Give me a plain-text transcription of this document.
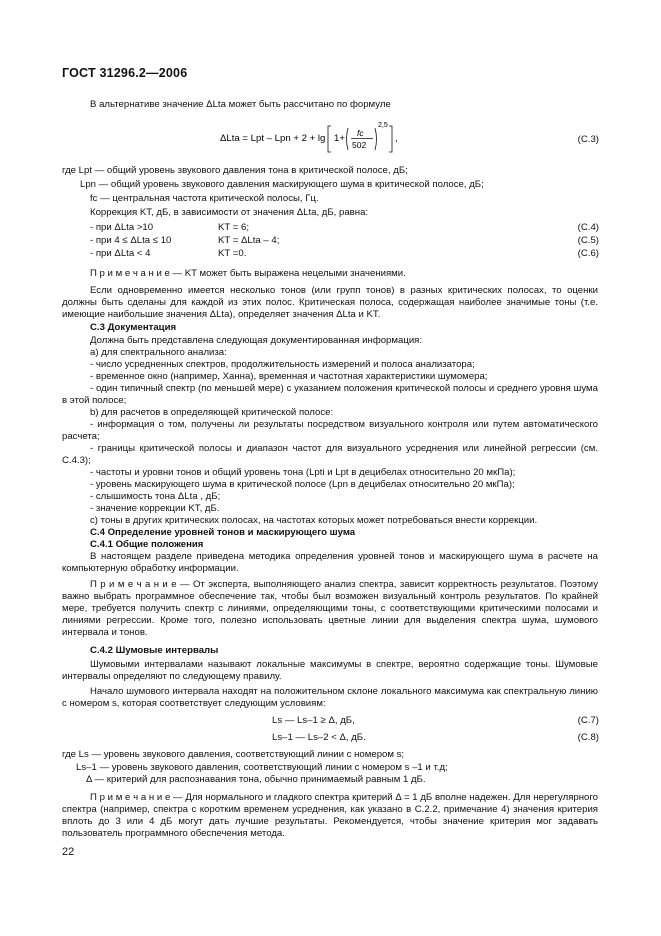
ГОСТ 31296.2—2006
В альтернативе значение ΔLta может быть рассчитано по формуле
ΔLta = Lpt – Lpn + 2 + lg 1+ fc
502
2,5
,	(C.3)
где Lpt — общий уровень звукового давления тона в критической полосе, дБ;
Lpn — общий уровень звукового давления маскирующего шума в критической полосе, дБ;
fc — центральная частота критической полосы, Гц.
Коррекция KT, дБ, в зависимости от значения ΔLta, дБ, равна:
- при ΔLta >10	KT = 6;	(C.4)
- при 4 ≤ ΔLta ≤ 10	KT = ΔLta – 4;	(C.5)
- при ΔLta < 4	KT =0.	(C.6)
П р и м е ч а н и е — KT может быть выражена нецелыми значениями.
Если одновременно имеется несколько тонов (или групп тонов) в разных критических полосах, то оценки должны быть сделаны для каждой из этих полос. Критическая полоса, содержащая наиболее значимые тоны (т.е. имеющие наибольшие значения ΔLta), определяет значения ΔLta и KT.
С.3 Документация
Должна быть представлена следующая документированная информация:
а) для спектрального анализа:
- число усредненных спектров, продолжительность измерений и полоса анализатора;
- временное окно (например, Ханна), временная и частотная характеристики шумомера;
- один типичный спектр (по меньшей мере) с указанием положения критической полосы и среднего уровня шума в этой полосе;
b) для расчетов в определяющей критической полосе:
- информация о том, получены ли результаты посредством визуального контроля или путем автоматического расчета;
- границы критической полосы и диапазон частот для визуального усреднения или линейной регрессии (см. С.4.3);
- частоты и уровни тонов и общий уровень тона (Lpti и Lpt в децибелах относительно 20 мкПа);
- уровень маскирующего шума в критической полосе (Lpn в децибелах относительно 20 мкПа);
- слышимость тона ΔLta , дБ;
- значение коррекции KT, дБ.
с) тоны в других критических полосах, на частотах которых может потребоваться внести коррекции.
С.4 Определение уровней тонов и маскирующего шума
С.4.1 Общие положения
В настоящем разделе приведена методика определения уровней тонов и маскирующего шума в расчете на компьютерную обработку информации.
П р и м е ч а н и е — От эксперта, выполняющего анализ спектра, зависит корректность результатов. Поэтому важно выбрать программное обеспечение так, чтобы был возможен визуальный контроль результатов. По крайней мере, требуется получить спектр с линиями, определяющими тоны, с соответствующими критическими полосами и линиями регрессии. Кроме того, полезно использовать цветные линии для выделения спектра шума, шумового интервала и тонов.
С.4.2 Шумовые интервалы
Шумовыми интервалами называют локальные максимумы в спектре, вероятно содержащие тоны. Шумовые интервалы определяют по следующему правилу.
Начало шумового интервала находят на положительном склоне локального максимума как спектральную линию с номером s, которая соответствует следующим условиям:
Ls — Ls–1 ≥ Δ, дБ,	(C.7)
Ls–1 — Ls–2 < Δ, дБ.	(C.8)
где Ls — уровень звукового давления, соответствующий линии с номером s;
Ls–1 — уровень звукового давления, соответствующий линии с номером s –1 и т.д;
Δ — критерий для распознавания тона, обычно принимаемый равным 1 дБ.
П р и м е ч а н и е — Для нормального и гладкого спектра критерий Δ = 1 дБ вполне надежен. Для нерегулярного спектра (например, спектра с коротким временем усреднения, как указано в С.2.2, примечание 4) значения критерия вплоть до 3 или 4 дБ могут дать лучшие результаты. Рекомендуется, чтобы значение критерия мог задавать пользователь программного обеспечения метода.
22
